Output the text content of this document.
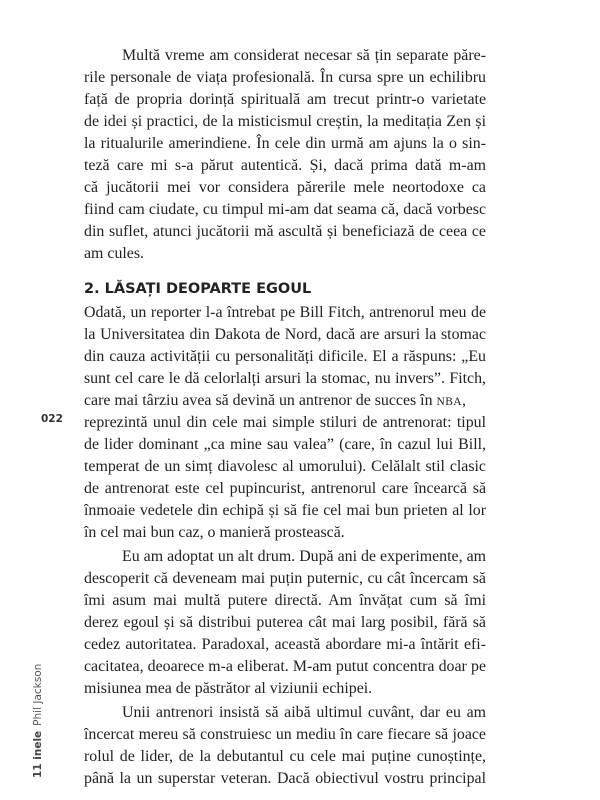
Multă vreme am considerat necesar să țin separate păre-

rile personale de viața profesională. În cursa spre un echilibru

față de propria dorință spirituală am trecut printr-o varietate

de idei și practici, de la misticismul creștin, la meditația Zen și

la ritualurile amerindiene. În cele din urmă am ajuns la o sin-

teză care mi s-a părut autentică. Și, dacă prima dată m-am

că jucătorii mei vor considera părerile mele neortodoxe ca

fiind cam ciudate, cu timpul mi-am dat seama că, dacă vorbesc

din suflet, atunci jucătorii mă ascultă și beneficiază de ceea ce

am cules.

2. LĂSAȚI DEOPARTE EGOUL

Odată, un reporter l-a întrebat pe Bill Fitch, antrenorul meu de

la Universitatea din Dakota de Nord, dacă are arsuri la stomac

din cauza activității cu personalități dificile. El a răspuns: „Eu

sunt cel care le dă celorlalți arsuri la stomac, nu invers”. Fitch,

care mai târziu avea să devină un antrenor de succes în NBA,

reprezintă unul din cele mai simple stiluri de antrenorat: tipul

de lider dominant „ca mine sau valea” (care, în cazul lui Bill,

temperat de un simț diavolesc al umorului). Celălalt stil clasic

de antrenorat este cel pupincurist, antrenorul care încearcă să

înmoaie vedetele din echipă și să fie cel mai bun prieten al lor

în cel mai bun caz, o manieră prostească.

Eu am adoptat un alt drum. După ani de experimente, am

descoperit că deveneam mai puțin puternic, cu cât încercam să

îmi asum mai multă putere directă. Am învățat cum să îmi

derez egoul și să distribui puterea cât mai larg posibil, fără să

cedez autoritatea. Paradoxal, această abordare mi-a întărit efi-

cacitatea, deoarece m-a eliberat. M-am putut concentra doar pe

misiunea mea de păstrător al viziunii echipei.

Unii antrenori insistă să aibă ultimul cuvânt, dar eu am

încercat mereu să construiesc un mediu în care fiecare să joace

rolul de lider, de la debutantul cu cele mai puține cunoștințe,

până la un superstar veteran. Dacă obiectivul vostru principal

022

11 inelePhil Jackson
